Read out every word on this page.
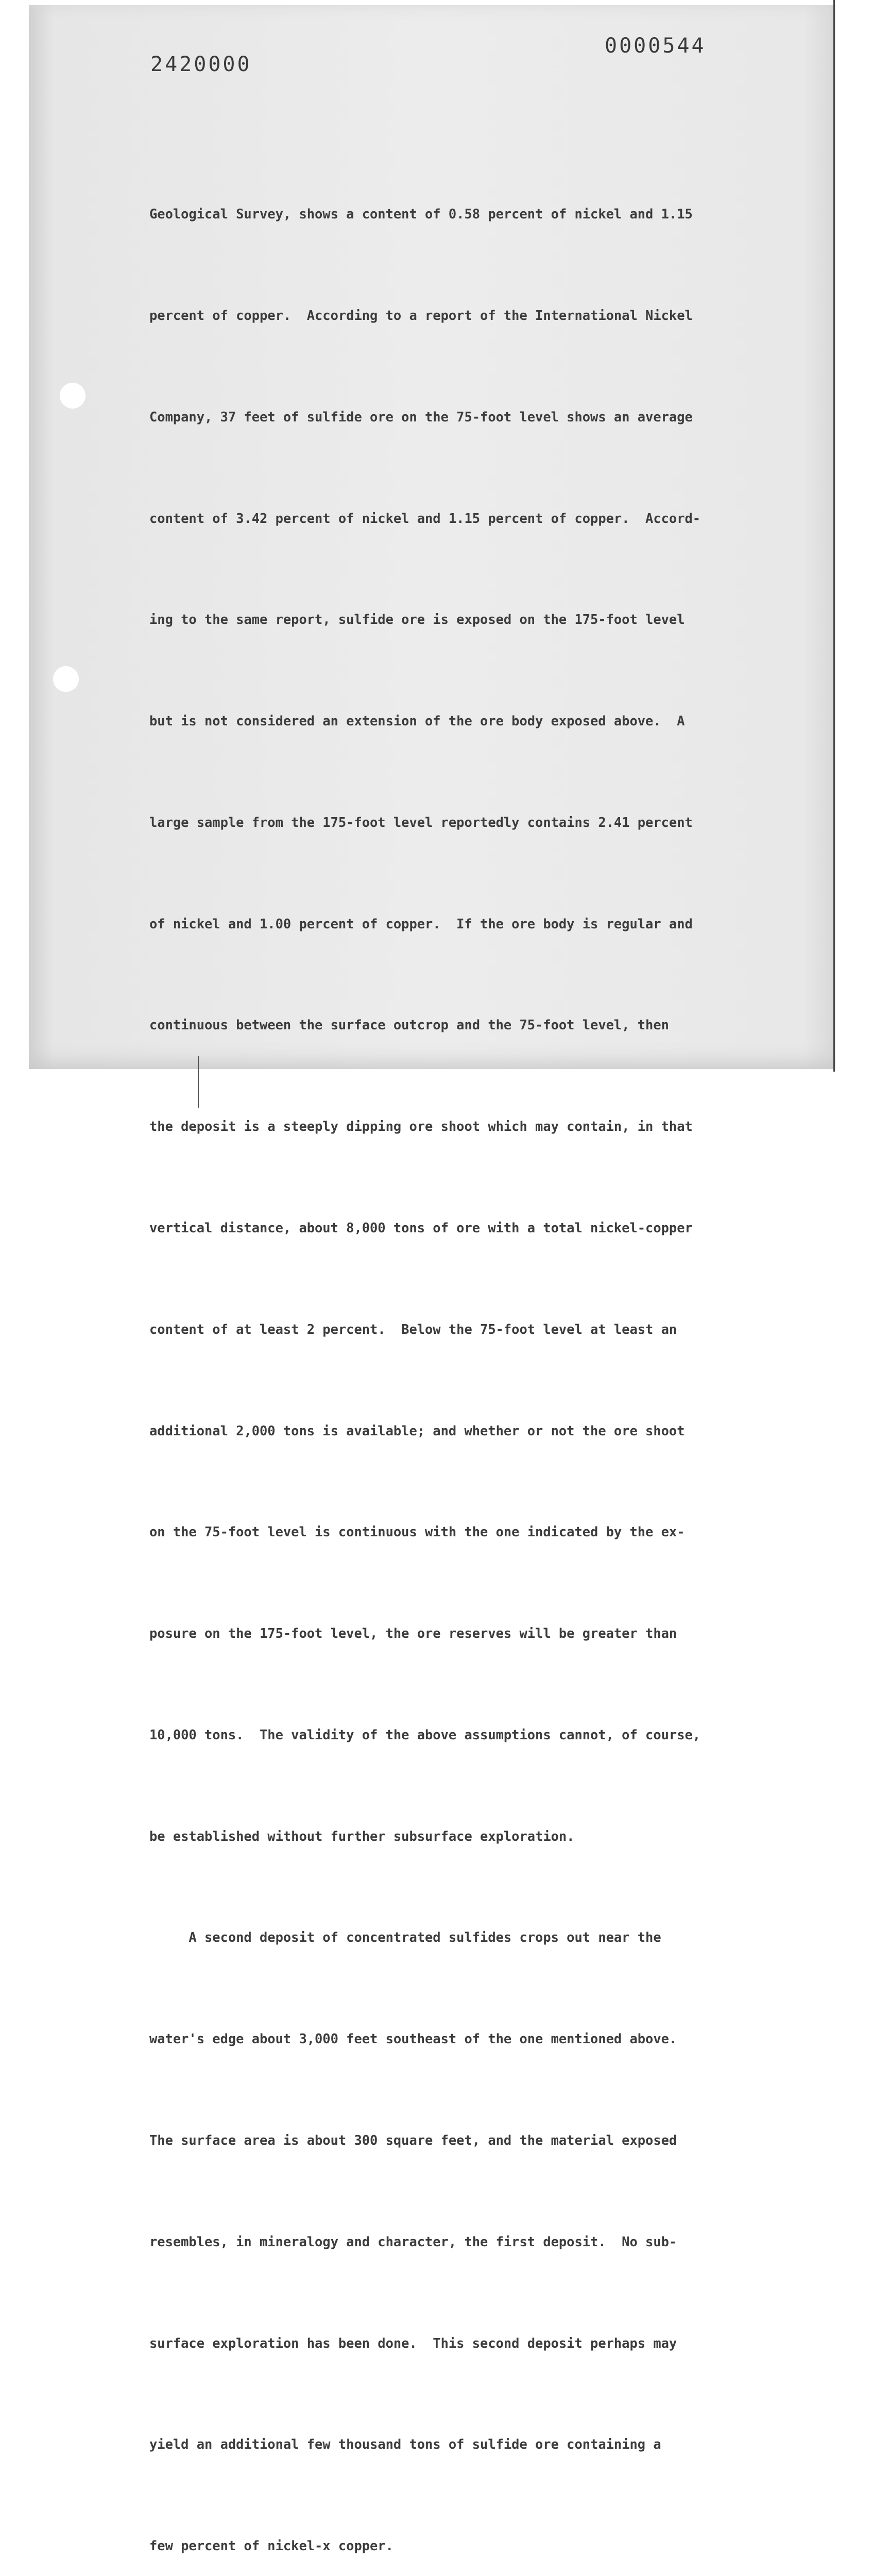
0000544
2420000

Geological Survey, shows a content of 0.58 percent of nickel and 1.15

percent of copper.  According to a report of the International Nickel

Company, 37 feet of sulfide ore on the 75-foot level shows an average

content of 3.42 percent of nickel and 1.15 percent of copper.  Accord-

ing to the same report, sulfide ore is exposed on the 175-foot level

but is not considered an extension of the ore body exposed above.  A

large sample from the 175-foot level reportedly contains 2.41 percent

of nickel and 1.00 percent of copper.  If the ore body is regular and

continuous between the surface outcrop and the 75-foot level, then

the deposit is a steeply dipping ore shoot which may contain, in that

vertical distance, about 8,000 tons of ore with a total nickel-copper

content of at least 2 percent.  Below the 75-foot level at least an

additional 2,000 tons is available; and whether or not the ore shoot

on the 75-foot level is continuous with the one indicated by the ex-

posure on the 175-foot level, the ore reserves will be greater than

10,000 tons.  The validity of the above assumptions cannot, of course,

be established without further subsurface exploration.

A second deposit of concentrated sulfides crops out near the

water's edge about 3,000 feet southeast of the one mentioned above.

The surface area is about 300 square feet, and the material exposed

resembles, in mineralogy and character, the first deposit.  No sub-

surface exploration has been done.  This second deposit perhaps may

yield an additional few thousand tons of sulfide ore containing a

few percent of nickel-x copper.
